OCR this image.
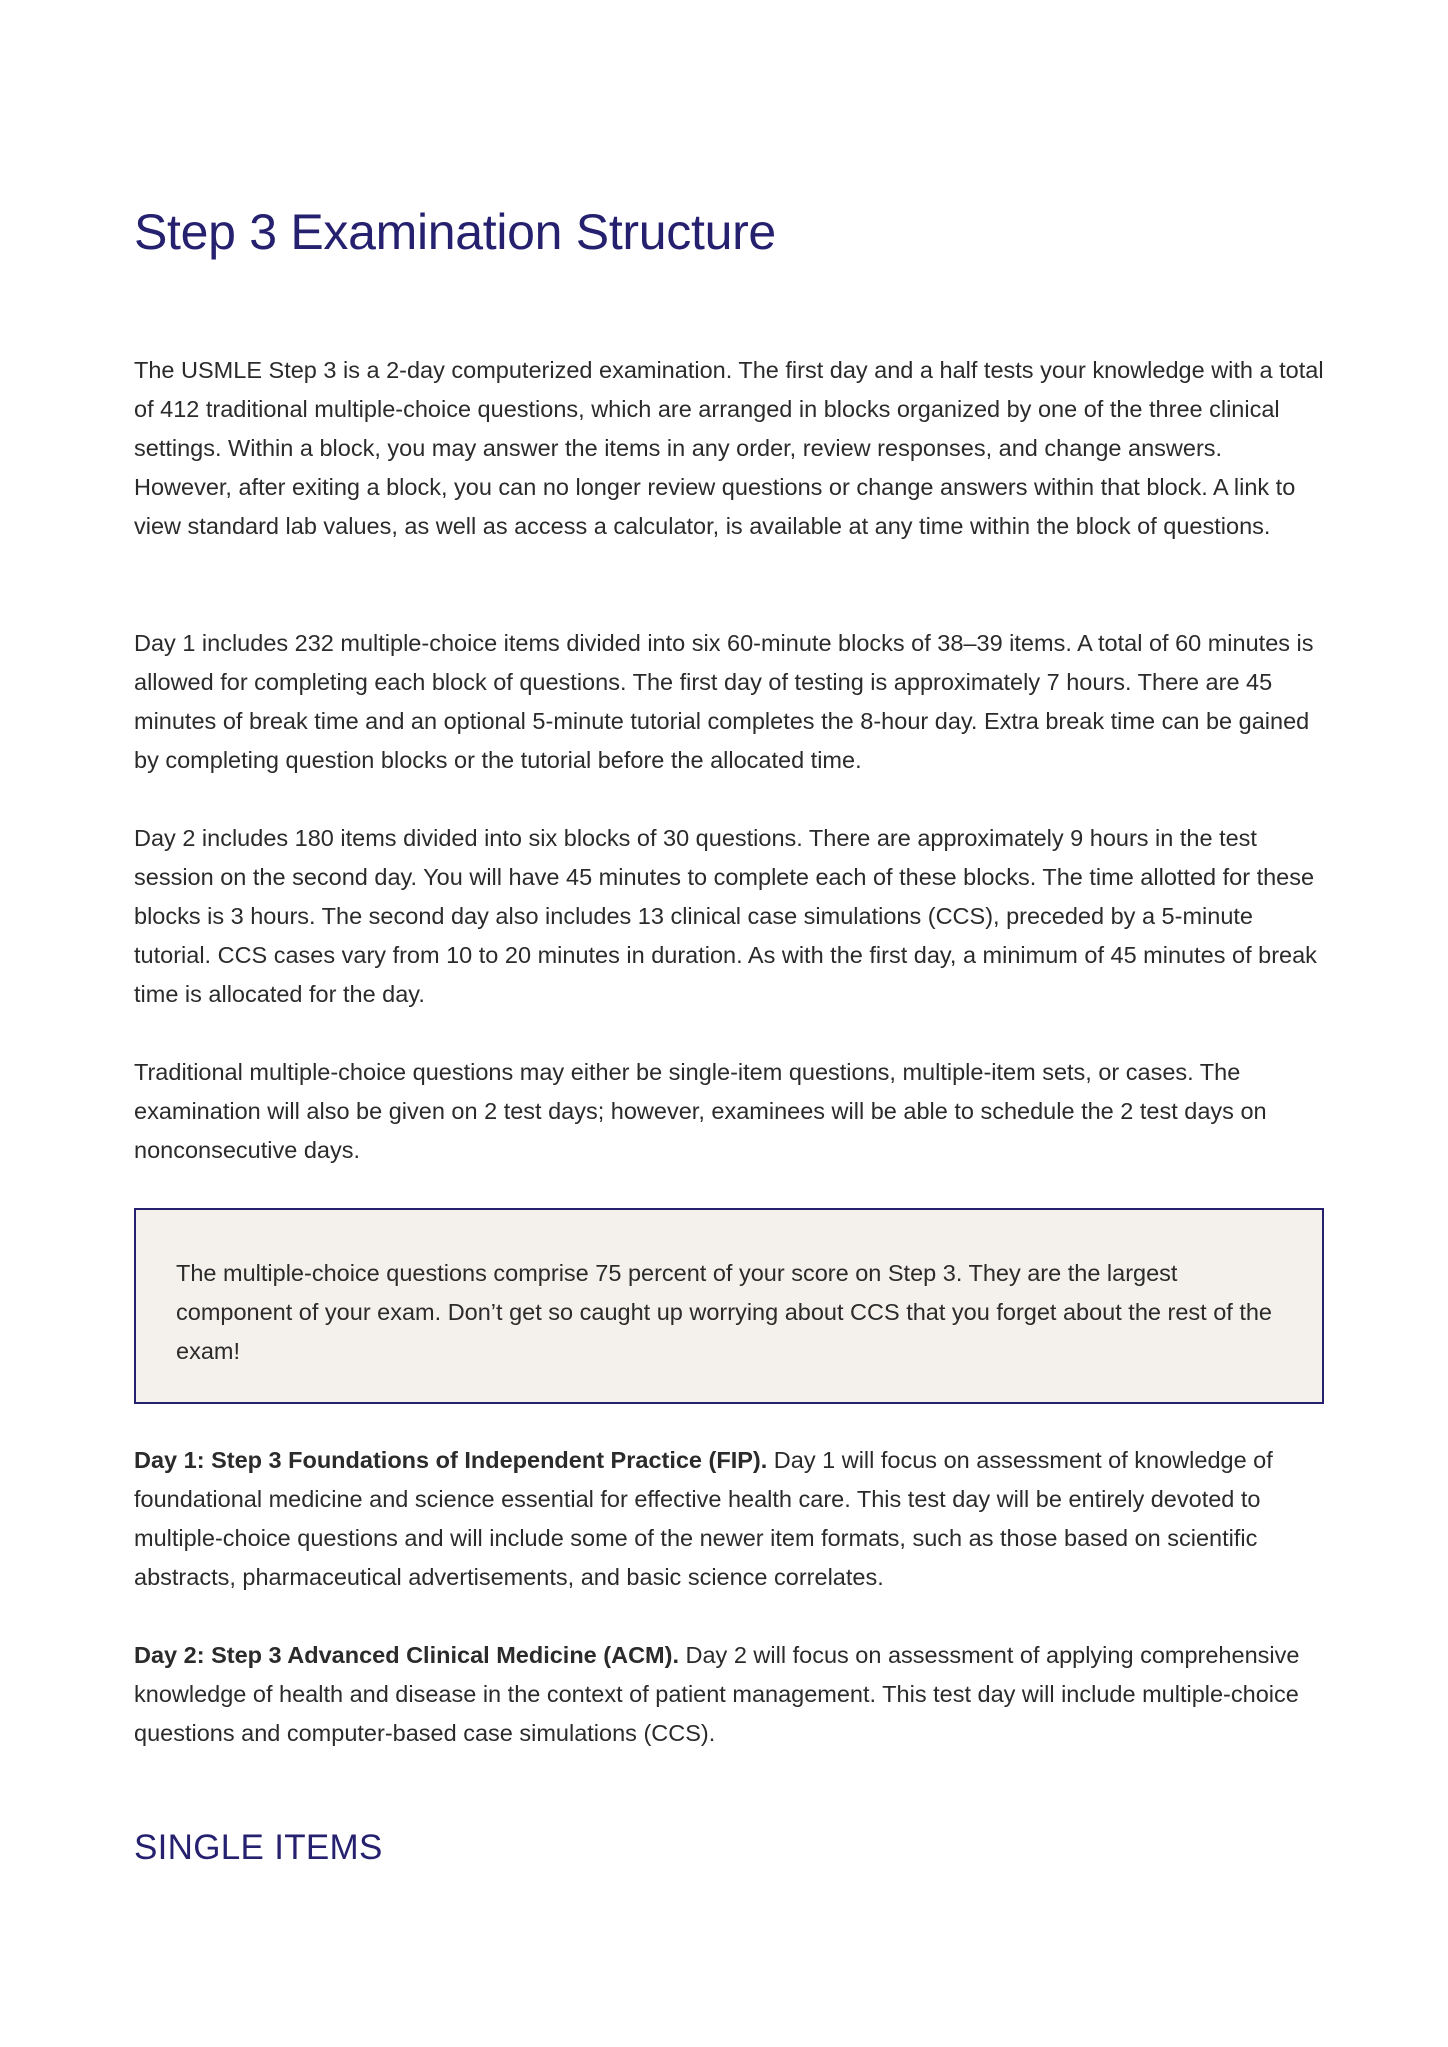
Step 3 Examination Structure

The USMLE Step 3 is a 2-day computerized examination. The first day and a half tests your knowledge with a total of 412 traditional multiple-choice questions, which are arranged in blocks organized by one of the three clinical settings. Within a block, you may answer the items in any order, review responses, and change answers. However, after exiting a block, you can no longer review questions or change answers within that block. A link to view standard lab values, as well as access a calculator, is available at any time within the block of questions.

Day 1 includes 232 multiple-choice items divided into six 60-minute blocks of 38–39 items. A total of 60 minutes is allowed for completing each block of questions. The first day of testing is approximately 7 hours. There are 45 minutes of break time and an optional 5-minute tutorial completes the 8-hour day. Extra break time can be gained by completing question blocks or the tutorial before the allocated time.

Day 2 includes 180 items divided into six blocks of 30 questions. There are approximately 9 hours in the test session on the second day. You will have 45 minutes to complete each of these blocks. The time allotted for these blocks is 3 hours. The second day also includes 13 clinical case simulations (CCS), preceded by a 5-minute tutorial. CCS cases vary from 10 to 20 minutes in duration. As with the first day, a minimum of 45 minutes of break time is allocated for the day.

Traditional multiple-choice questions may either be single-item questions, multiple-item sets, or cases. The examination will also be given on 2 test days; however, examinees will be able to schedule the 2 test days on nonconsecutive days.

The multiple-choice questions comprise 75 percent of your score on Step 3. They are the largest component of your exam. Don’t get so caught up worrying about CCS that you forget about the rest of the exam!

Day 1: Step 3 Foundations of Independent Practice (FIP). Day 1 will focus on assessment of knowledge of foundational medicine and science essential for effective health care. This test day will be entirely devoted to multiple-choice questions and will include some of the newer item formats, such as those based on scientific abstracts, pharmaceutical advertisements, and basic science correlates.

Day 2: Step 3 Advanced Clinical Medicine (ACM). Day 2 will focus on assessment of applying comprehensive knowledge of health and disease in the context of patient management. This test day will include multiple-choice questions and computer-based case simulations (CCS).

SINGLE ITEMS
